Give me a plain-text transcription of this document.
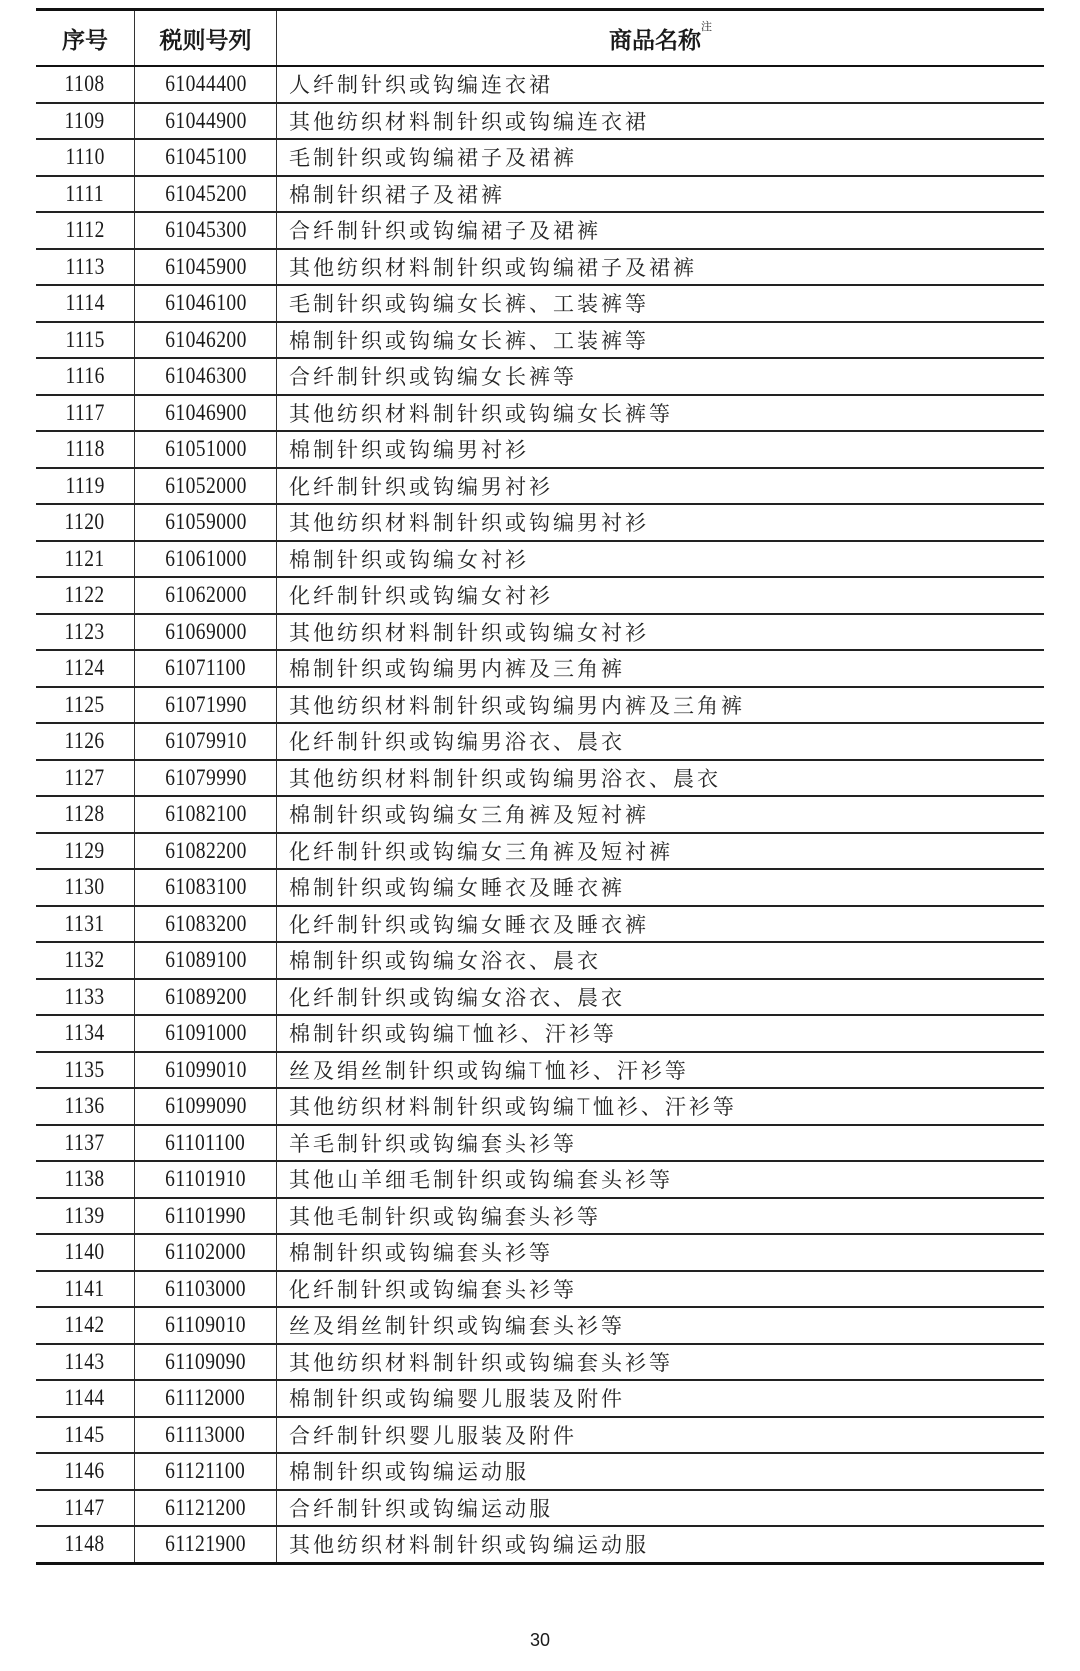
序号	税则号列	商品名称$^注$
1108	61044400	人纤制针织或钩编连衣裙
1109	61044900	其他纺织材料制针织或钩编连衣裙
1110	61045100	毛制针织或钩编裙子及裙裤
1111	61045200	棉制针织裙子及裙裤
1112	61045300	合纤制针织或钩编裙子及裙裤
1113	61045900	其他纺织材料制针织或钩编裙子及裙裤
1114	61046100	毛制针织或钩编女长裤、工装裤等
1115	61046200	棉制针织或钩编女长裤、工装裤等
1116	61046300	合纤制针织或钩编女长裤等
1117	61046900	其他纺织材料制针织或钩编女长裤等
1118	61051000	棉制针织或钩编男衬衫
1119	61052000	化纤制针织或钩编男衬衫
1120	61059000	其他纺织材料制针织或钩编男衬衫
1121	61061000	棉制针织或钩编女衬衫
1122	61062000	化纤制针织或钩编女衬衫
1123	61069000	其他纺织材料制针织或钩编女衬衫
1124	61071100	棉制针织或钩编男内裤及三角裤
1125	61071990	其他纺织材料制针织或钩编男内裤及三角裤
1126	61079910	化纤制针织或钩编男浴衣、晨衣
1127	61079990	其他纺织材料制针织或钩编男浴衣、晨衣
1128	61082100	棉制针织或钩编女三角裤及短衬裤
1129	61082200	化纤制针织或钩编女三角裤及短衬裤
1130	61083100	棉制针织或钩编女睡衣及睡衣裤
1131	61083200	化纤制针织或钩编女睡衣及睡衣裤
1132	61089100	棉制针织或钩编女浴衣、晨衣
1133	61089200	化纤制针织或钩编女浴衣、晨衣
1134	61091000	棉制针织或钩编T恤衫、汗衫等
1135	61099010	丝及绢丝制针织或钩编T恤衫、汗衫等
1136	61099090	其他纺织材料制针织或钩编T恤衫、汗衫等
1137	61101100	羊毛制针织或钩编套头衫等
1138	61101910	其他山羊细毛制针织或钩编套头衫等
1139	61101990	其他毛制针织或钩编套头衫等
1140	61102000	棉制针织或钩编套头衫等
1141	61103000	化纤制针织或钩编套头衫等
1142	61109010	丝及绢丝制针织或钩编套头衫等
1143	61109090	其他纺织材料制针织或钩编套头衫等
1144	61112000	棉制针织或钩编婴儿服装及附件
1145	61113000	合纤制针织婴儿服装及附件
1146	61121100	棉制针织或钩编运动服
1147	61121200	合纤制针织或钩编运动服
1148	61121900	其他纺织材料制针织或钩编运动服
30
